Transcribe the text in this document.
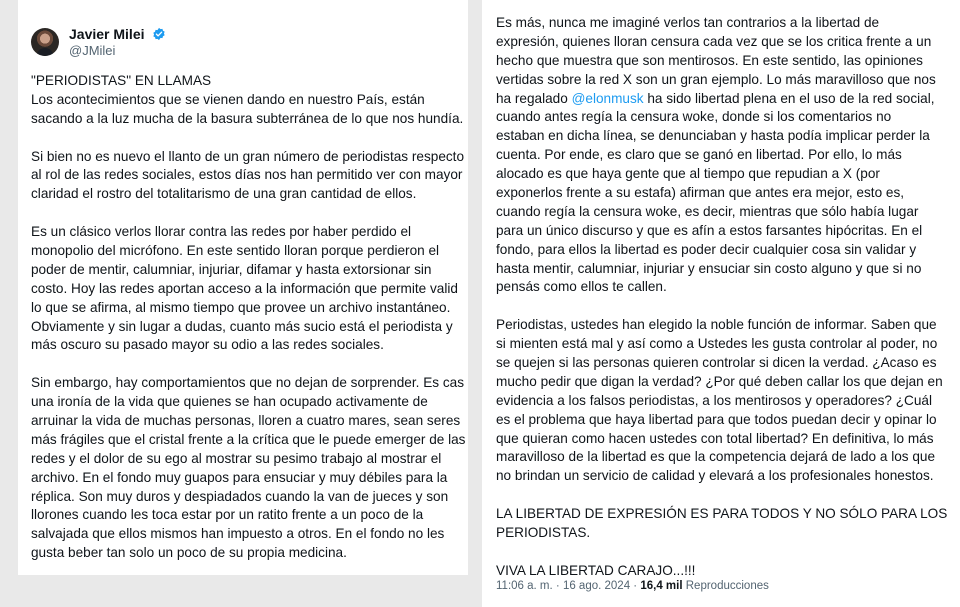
Javier Milei
@JMilei
"PERIODISTAS" EN LLAMAS
Los acontecimientos que se vienen dando en nuestro País, están
sacando a la luz mucha de la basura subterránea de lo que nos hundía.
Si bien no es nuevo el llanto de un gran número de periodistas respecto
al rol de las redes sociales, estos días nos han permitido ver con mayor
claridad el rostro del totalitarismo de una gran cantidad de ellos.
Es un clásico verlos llorar contra las redes por haber perdido el
monopolio del micrófono. En este sentido lloran porque perdieron el
poder de mentir, calumniar, injuriar, difamar y hasta extorsionar sin
costo. Hoy las redes aportan acceso a la información que permite valid
lo que se afirma, al mismo tiempo que provee un archivo instantáneo.
Obviamente y sin lugar a dudas, cuanto más sucio está el periodista y
más oscuro su pasado mayor su odio a las redes sociales.
Sin embargo, hay comportamientos que no dejan de sorprender. Es cas
una ironía de la vida que quienes se han ocupado activamente de
arruinar la vida de muchas personas, lloren a cuatro mares, sean seres
más frágiles que el cristal frente a la crítica que le puede emerger de las
redes y el dolor de su ego al mostrar su pesimo trabajo al mostrar el
archivo. En el fondo muy guapos para ensuciar y muy débiles para la
réplica. Son muy duros y despiadados cuando la van de jueces y son
llorones cuando les toca estar por un ratito frente a un poco de la
salvajada que ellos mismos han impuesto a otros. En el fondo no les
gusta beber tan solo un poco de su propia medicina.
Es más, nunca me imaginé verlos tan contrarios a la libertad de
expresión, quienes lloran censura cada vez que se los critica frente a un
hecho que muestra que son mentirosos. En este sentido, las opiniones
vertidas sobre la red X son un gran ejemplo. Lo más maravilloso que nos
ha regalado @elonmusk ha sido libertad plena en el uso de la red social,
cuando antes regía la censura woke, donde si los comentarios no
estaban en dicha línea, se denunciaban y hasta podía implicar perder la
cuenta. Por ende, es claro que se ganó en libertad. Por ello, lo más
alocado es que haya gente que al tiempo que repudian a X (por
exponerlos frente a su estafa) afirman que antes era mejor, esto es,
cuando regía la censura woke, es decir, mientras que sólo había lugar
para un único discurso y que es afín a estos farsantes hipócritas. En el
fondo, para ellos la libertad es poder decir cualquier cosa sin validar y
hasta mentir, calumniar, injuriar y ensuciar sin costo alguno y que si no
pensás como ellos te callen.
Periodistas, ustedes han elegido la noble función de informar. Saben que
si mienten está mal y así como a Ustedes les gusta controlar al poder, no
se quejen si las personas quieren controlar si dicen la verdad. ¿Acaso es
mucho pedir que digan la verdad? ¿Por qué deben callar los que dejan en
evidencia a los falsos periodistas, a los mentirosos y operadores? ¿Cuál
es el problema que haya libertad para que todos puedan decir y opinar lo
que quieran como hacen ustedes con total libertad? En definitiva, lo más
maravilloso de la libertad es que la competencia dejará de lado a los que
no brindan un servicio de calidad y elevará a los profesionales honestos.
LA LIBERTAD DE EXPRESIÓN ES PARA TODOS Y NO SÓLO PARA LOS
PERIODISTAS.
VIVA LA LIBERTAD CARAJO...!!!
11:06 a. m. · 16 ago. 2024 · 16,4 mil Reproducciones
